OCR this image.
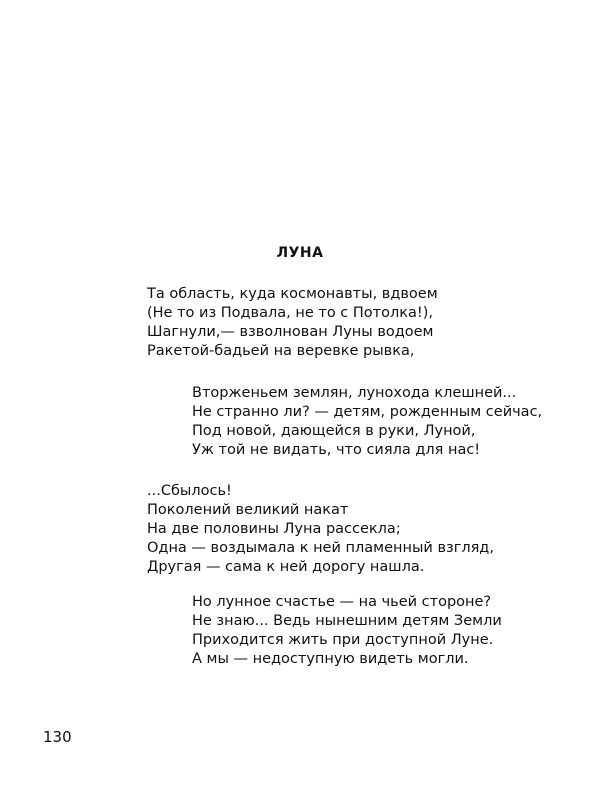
ЛУНА
Та область, куда космонавты, вдвоем
(Не то из Подвала, не то с Потолка!),
Шагнули,— взволнован Луны водоем
Ракетой-бадьей на веревке рывка,
Вторженьем землян, лунохода клешней...
Не странно ли? — детям, рожденным сейчас,
Под новой, дающейся в руки, Луной,
Уж той не видать, что сияла для нас!
...Сбылось!
Поколений великий накат
На две половины Луна рассекла;
Одна — воздымала к ней пламенный взгляд,
Другая — сама к ней дорогу нашла.
Но лунное счастье — на чьей стороне?
Не знаю... Ведь нынешним детям Земли
Приходится жить при доступной Луне.
А мы — недоступную видеть могли.
130
